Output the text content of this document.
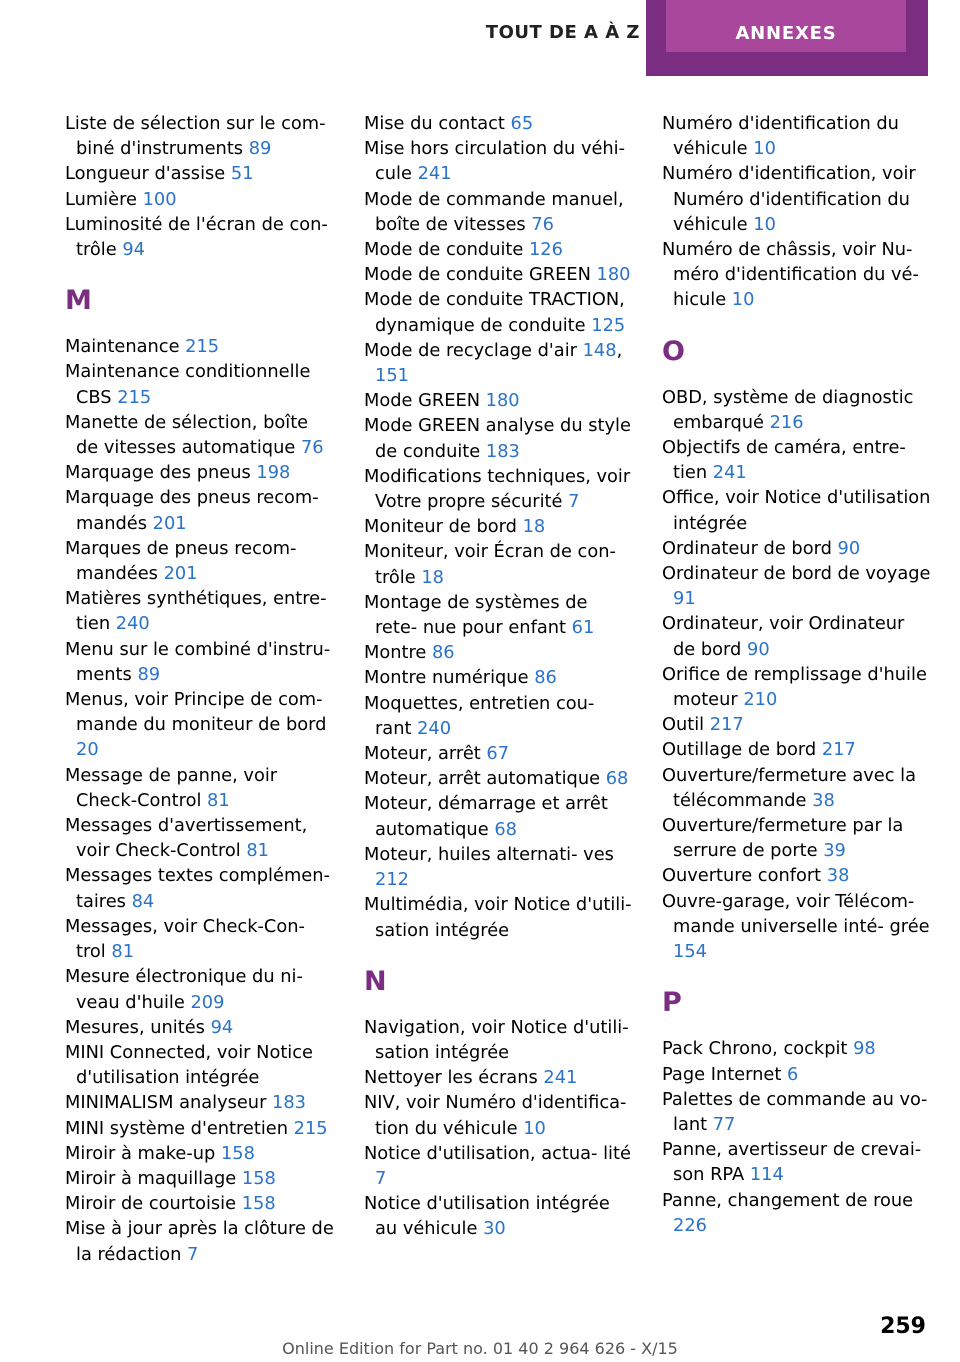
TOUT DE A À Z	ANNEXES
Liste de sélection sur le com‐ biné d'instruments 89
Longueur d'assise 51
Lumière 100
Luminosité de l'écran de con‐ trôle 94
M
Maintenance 215
Maintenance conditionnelle CBS 215
Manette de sélection, boîte de vitesses automatique 76
Marquage des pneus 198
Marquage des pneus recom‐ mandés 201
Marques de pneus recom‐ mandées 201
Matières synthétiques, entre‐ tien 240
Menu sur le combiné d'instru‐ ments 89
Menus, voir Principe de com‐ mande du moniteur de bord 20
Message de panne, voir Check-Control 81
Messages d'avertissement, voir Check-Control 81
Messages textes complémen‐ taires 84
Messages, voir Check-Con‐ trol 81
Mesure électronique du ni‐ veau d'huile 209
Mesures, unités 94
MINI Connected, voir Notice d'utilisation intégrée
MINIMALISM analyseur 183
MINI système d'entretien 215
Miroir à make-up 158
Miroir à maquillage 158
Miroir de courtoisie 158
Mise à jour après la clôture de la rédaction 7
Mise du contact 65
Mise hors circulation du véhi‐ cule 241
Mode de commande manuel, boîte de vitesses 76
Mode de conduite 126
Mode de conduite GREEN 180
Mode de conduite TRACTION, dynamique de conduite 125
Mode de recyclage d'air 148, 151
Mode GREEN 180
Mode GREEN analyse du style de conduite 183
Modifications techniques, voir Votre propre sécurité 7
Moniteur de bord 18
Moniteur, voir Écran de con‐ trôle 18
Montage de systèmes de rete‐ nue pour enfant 61
Montre 86
Montre numérique 86
Moquettes, entretien cou‐ rant 240
Moteur, arrêt 67
Moteur, arrêt automatique 68
Moteur, démarrage et arrêt automatique 68
Moteur, huiles alternati‐ ves 212
Multimédia, voir Notice d'utili‐ sation intégrée
N
Navigation, voir Notice d'utili‐ sation intégrée
Nettoyer les écrans 241
NIV, voir Numéro d'identifica‐ tion du véhicule 10
Notice d'utilisation, actua‐ lité 7
Notice d'utilisation intégrée au véhicule 30
Numéro d'identification du véhicule 10
Numéro d'identification, voir Numéro d'identification du véhicule 10
Numéro de châssis, voir Nu‐ méro d'identification du vé‐ hicule 10
O
OBD, système de diagnostic embarqué 216
Objectifs de caméra, entre‐ tien 241
Office, voir Notice d'utilisation intégrée
Ordinateur de bord 90
Ordinateur de bord de voyage 91
Ordinateur, voir Ordinateur de bord 90
Orifice de remplissage d'huile moteur 210
Outil 217
Outillage de bord 217
Ouverture/fermeture avec la télécommande 38
Ouverture/fermeture par la serrure de porte 39
Ouverture confort 38
Ouvre-garage, voir Télécom‐ mande universelle inté‐ grée 154
P
Pack Chrono, cockpit 98
Page Internet 6
Palettes de commande au vo‐ lant 77
Panne, avertisseur de crevai‐ son RPA 114
Panne, changement de roue 226
259
Online Edition for Part no. 01 40 2 964 626 - X/15
